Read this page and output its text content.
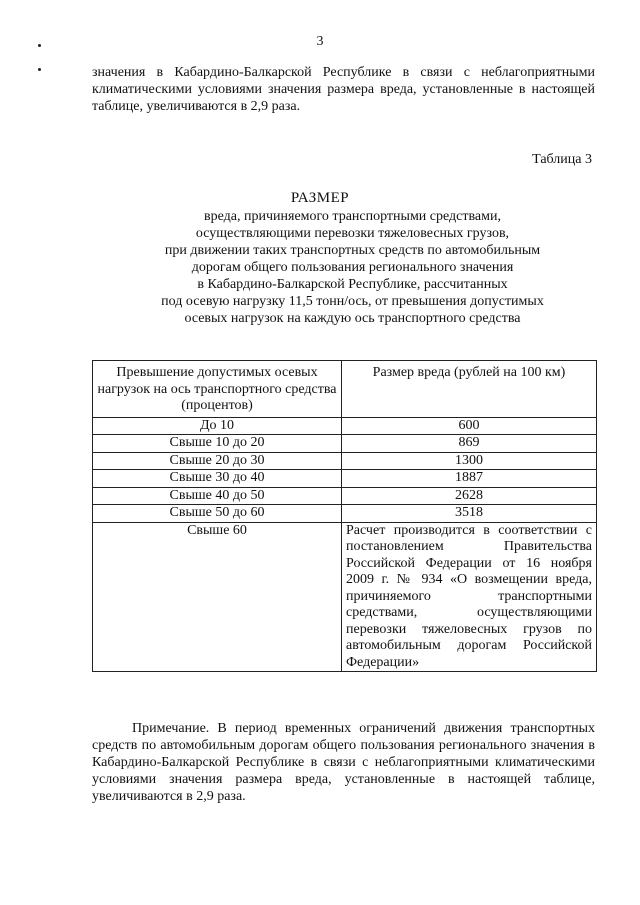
3
значения в Кабардино-Балкарской Республике в связи с неблагоприятными климатическими условиями значения размера вреда, установленные в настоящей таблице, увеличиваются в 2,9 раза.
Таблица 3
РАЗМЕР
вреда, причиняемого транспортными средствами,
осуществляющими перевозки тяжеловесных грузов,
при движении таких транспортных средств по автомобильным
дорогам общего пользования регионального значения
в Кабардино-Балкарской Республике, рассчитанных
под осевую нагрузку 11,5 тонн/ось, от превышения допустимых
осевых нагрузок на каждую ось транспортного средства
Превышение допустимых осевых нагрузок на ось транспортного средства (процентов)	Размер вреда (рублей на 100 км)
До 10	600
Свыше 10 до 20	869
Свыше 20 до 30	1300
Свыше 30 до 40	1887
Свыше 40 до 50	2628
Свыше 50 до 60	3518
Свыше 60	Расчет производится в соответствии с постановлением Правительства Российской Федерации от 16 ноября 2009 г. № 934 «О возмещении вреда, причиняемого транспортными средствами, осуществляющими перевозки тяжеловесных грузов по автомобильным дорогам Российской Федерации»
Примечание. В период временных ограничений движения транспортных средств по автомобильным дорогам общего пользования регионального значения в Кабардино-Балкарской Республике в связи с неблагоприятными климатическими условиями значения размера вреда, установленные в настоящей таблице, увеличиваются в 2,9 раза.
